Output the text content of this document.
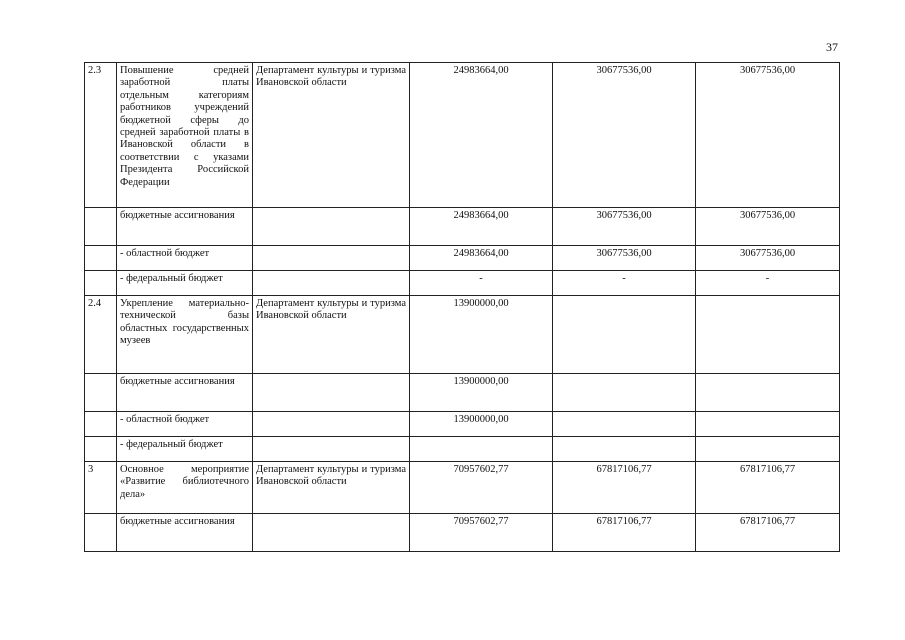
37
2.3	Повышение средней заработной платы отдельным категориям работников учреждений бюджетной сферы до средней заработной платы в Ивановской области в соответствии с указами Президента Российской Федерации	Департамент культуры и туризма Ивановской области	24983664,00	30677536,00	30677536,00
	бюджетные ассигнования		24983664,00	30677536,00	30677536,00
	- областной бюджет		24983664,00	30677536,00	30677536,00
	- федеральный бюджет		-	-	-
2.4	Укрепление материально-технической базы областных государственных музеев	Департамент культуры и туризма Ивановской области	13900000,00		
	бюджетные ассигнования		13900000,00		
	- областной бюджет		13900000,00		
	- федеральный бюджет				
3	Основное мероприятие «Развитие библиотечного дела»	Департамент культуры и туризма Ивановской области	70957602,77	67817106,77	67817106,77
	бюджетные ассигнования		70957602,77	67817106,77	67817106,77
